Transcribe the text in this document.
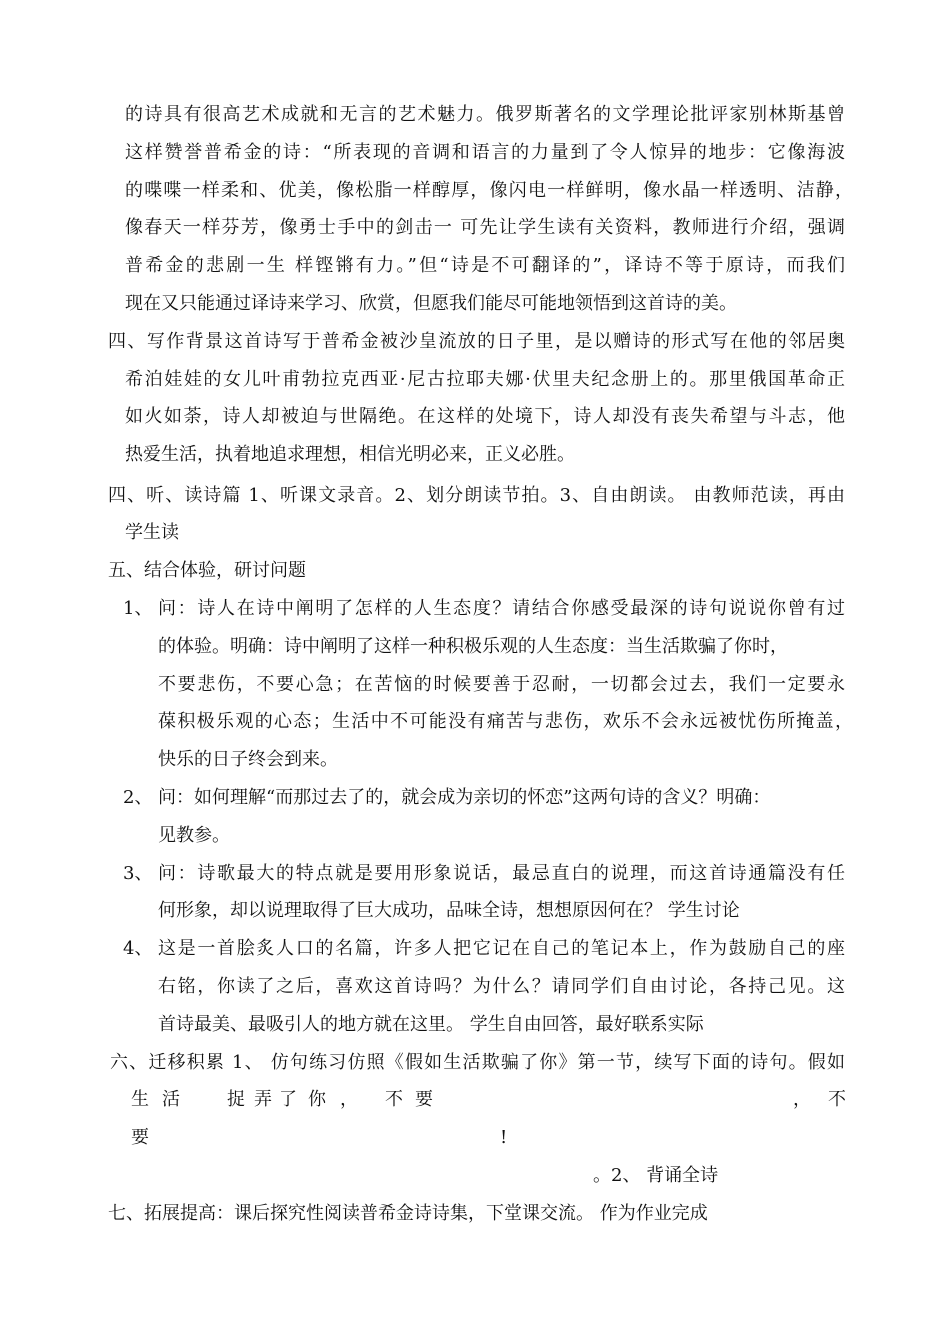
的诗具有很高艺术成就和无言的艺术魅力。俄罗斯著名的文学理论批评家别林斯基曾
这样赞誉普希金的诗：“所表现的音调和语言的力量到了令人惊异的地步：它像海波
的喋喋一样柔和、优美，像松脂一样醇厚，像闪电一样鲜明，像水晶一样透明、洁静，
像春天一样芬芳，像勇士手中的剑击一 可先让学生读有关资料，教师进行介绍，强调
普希金的悲剧一生 样铿锵有力。”但“诗是不可翻译的”，译诗不等于原诗，而我们
现在又只能通过译诗来学习、欣赏，但愿我们能尽可能地领悟到这首诗的美。
四、写作背景这首诗写于普希金被沙皇流放的日子里，是以赠诗的形式写在他的邻居奥
希泊娃娃的女儿叶甫勃拉克西亚·尼古拉耶夫娜·伏里夫纪念册上的。那里俄国革命正
如火如荼，诗人却被迫与世隔绝。在这样的处境下，诗人却没有丧失希望与斗志，他
热爱生活，执着地追求理想，相信光明必来，正义必胜。
四、听、读诗篇 1、听课文录音。2、划分朗读节拍。3、自由朗读。 由教师范读，再由
学生读
五、结合体验，研讨问题
1、 问：诗人在诗中阐明了怎样的人生态度？请结合你感受最深的诗句说说你曾有过
的体验。明确：诗中阐明了这样一种积极乐观的人生态度：当生活欺骗了你时，
不要悲伤，不要心急；在苦恼的时候要善于忍耐，一切都会过去，我们一定要永
葆积极乐观的心态；生活中不可能没有痛苦与悲伤，欢乐不会永远被忧伤所掩盖，
快乐的日子终会到来。
2、 问：如何理解“而那过去了的，就会成为亲切的怀恋”这两句诗的含义？明确：
见教参。
3、 问：诗歌最大的特点就是要用形象说话，最忌直白的说理，而这首诗通篇没有任
何形象，却以说理取得了巨大成功，品味全诗，想想原因何在？ 学生讨论
4、 这是一首脍炙人口的名篇，许多人把它记在自己的笔记本上，作为鼓励自己的座
右铭，你读了之后，喜欢这首诗吗？为什么？请同学们自由讨论，各持己见。这
首诗最美、最吸引人的地方就在这里。 学生自由回答，最好联系实际
六、迁移积累 1、 仿句练习仿照《假如生活欺骗了你》第一节，续写下面的诗句。假如
生 活	捉 弄 了 你 ， 不 要	， 不
要	!
。2、 背诵全诗
七、拓展提高：课后探究性阅读普希金诗诗集，下堂课交流。 作为作业完成
